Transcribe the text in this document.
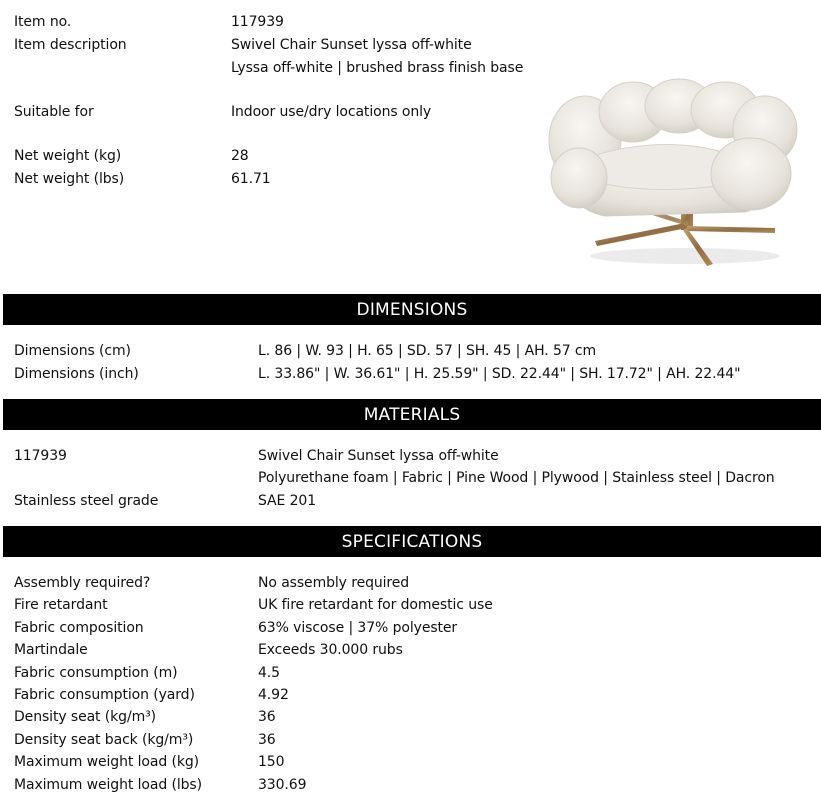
Item no.	117939
Item description	Swivel Chair Sunset lyssa off-white
Lyssa off-white | brushed brass finish base
Suitable for	Indoor use/dry locations only
Net weight (kg)	28
Net weight (lbs)	61.71
DIMENSIONS
Dimensions (cm)	L. 86 | W. 93 | H. 65 | SD. 57 | SH. 45 | AH. 57 cm
Dimensions (inch)	L. 33.86" | W. 36.61" | H. 25.59" | SD. 22.44" | SH. 17.72" | AH. 22.44"
MATERIALS
117939	Swivel Chair Sunset lyssa off-white
Polyurethane foam | Fabric | Pine Wood | Plywood | Stainless steel | Dacron
Stainless steel grade	SAE 201
SPECIFICATIONS
Assembly required?	No assembly required
Fire retardant	UK fire retardant for domestic use
Fabric composition	63% viscose | 37% polyester
Martindale	Exceeds 30.000 rubs
Fabric consumption (m)	4.5
Fabric consumption (yard)	4.92
Density seat (kg/m³)	36
Density seat back (kg/m³)	36
Maximum weight load (kg)	150
Maximum weight load (lbs)	330.69
